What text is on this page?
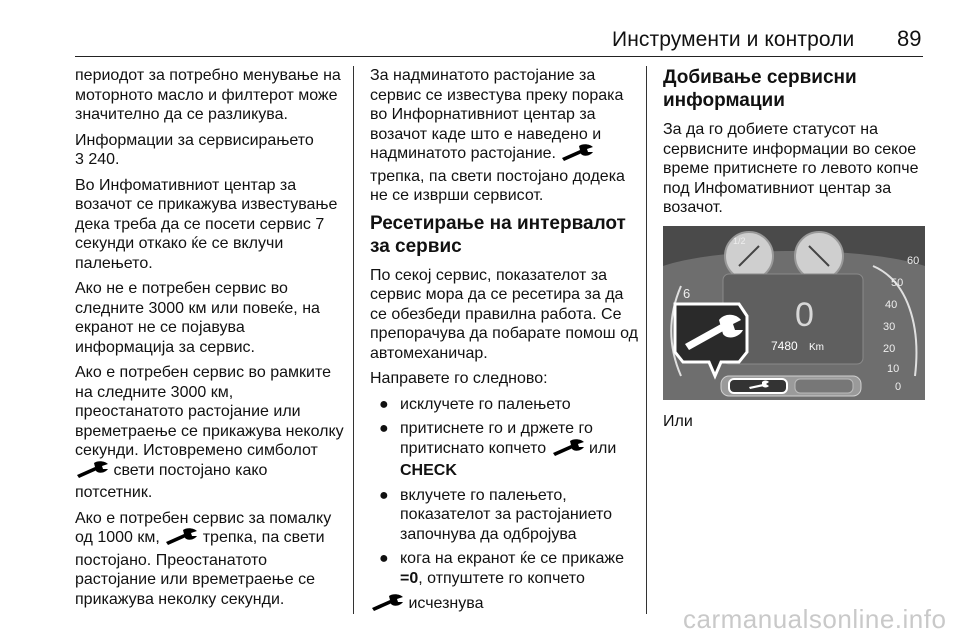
Инструменти и контроли 89

периодот за потребно менување на моторното масло и филтерот може значително да се разликува.

Информации за сервисирањето
3 240.

Во Инфомативниот центар за возачот се прикажува известување дека треба да се посети сервис 7 секунди откако ќе се вклучи палењето.

Ако не е потребен сервис во следните 3000 км или повеќе, на екранот не се појавува информација за сервис.

Ако е потребен сервис во рамките на следните 3000 км, преостанатото растојание или времетраење се прикажува неколку секунди. Истовремено симболот  свети постојано како потсетник.

Ако е потребен сервис за помалку од 1000 км,	трепка, па свети постојано. Преостанатото растојание или времетраење се прикажува неколку секунди.

За надминатото растојание за сервис се известува преку порака во Инфорнативниот центар за возачот каде што е наведено и надминатото растојание.  трепка, па свети постојано додека не се изврши сервисот.

Ресетирање на интервалот за сервис

По секој сервис, показателот за сервис мора да се ресетира за да се обезбеди правилна работа. Се препорачува да побарате помош од автомеханичар.

Направете го следново:

● исклучете го палењето
● притиснете го и држете го притиснато копчето	или
CHECK
● вклучете го палењето, показателот за растојанието започнува да одбројува
● кога на екранот ќе се прикаже
=0, отпуштете го копчето

исчезнува

Добивање сервисни информации

За да го добиете статусот на сервисните информации во секое време притиснете го левото копче под Инфомативниот центар за возачот.

0
7480 Km
1/2
60
50
40
30
20
10
0
6

Или

carmanualsonline.info
